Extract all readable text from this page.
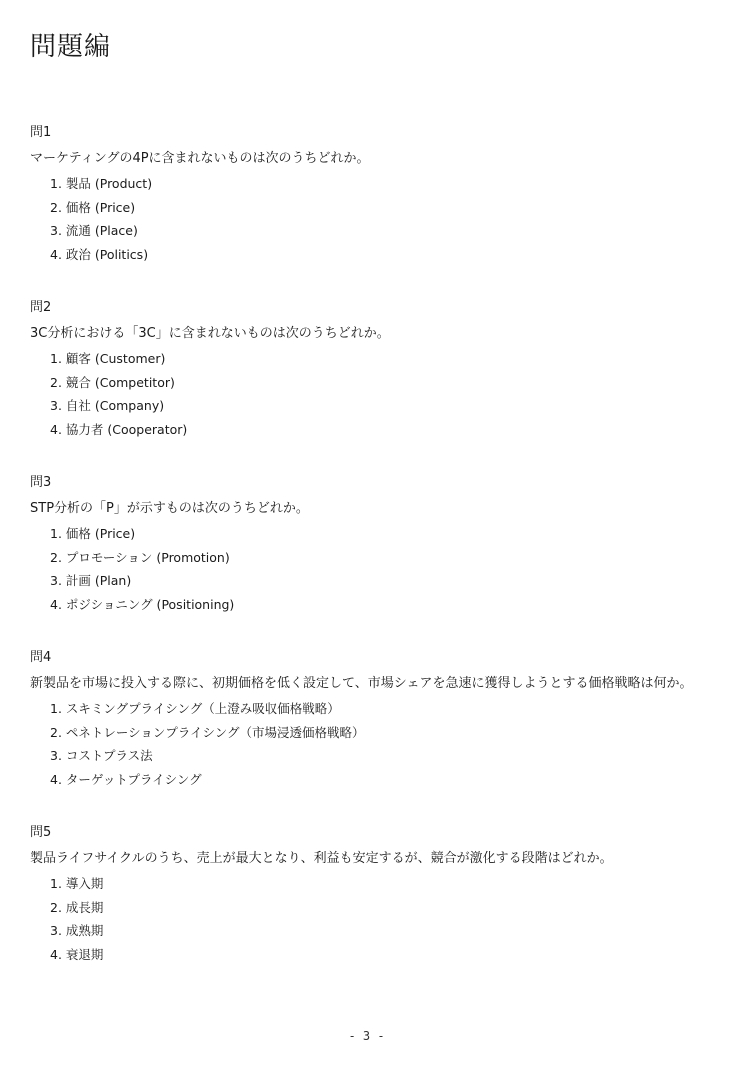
問題編
問1
マーケティングの4Pに含まれないものは次のうちどれか。
1. 製品 (Product)
2. 価格 (Price)
3. 流通 (Place)
4. 政治 (Politics)
問2
3C分析における「3C」に含まれないものは次のうちどれか。
1. 顧客 (Customer)
2. 競合 (Competitor)
3. 自社 (Company)
4. 協力者 (Cooperator)
問3
STP分析の「P」が示すものは次のうちどれか。
1. 価格 (Price)
2. プロモーション (Promotion)
3. 計画 (Plan)
4. ポジショニング (Positioning)
問4
新製品を市場に投入する際に、初期価格を低く設定して、市場シェアを急速に獲得しようとする価格戦略は何か。
1. スキミングプライシング（上澄み吸収価格戦略）
2. ペネトレーションプライシング（市場浸透価格戦略）
3. コストプラス法
4. ターゲットプライシング
問5
製品ライフサイクルのうち、売上が最大となり、利益も安定するが、競合が激化する段階はどれか。
1. 導入期
2. 成長期
3. 成熟期
4. 衰退期
- 3 -
